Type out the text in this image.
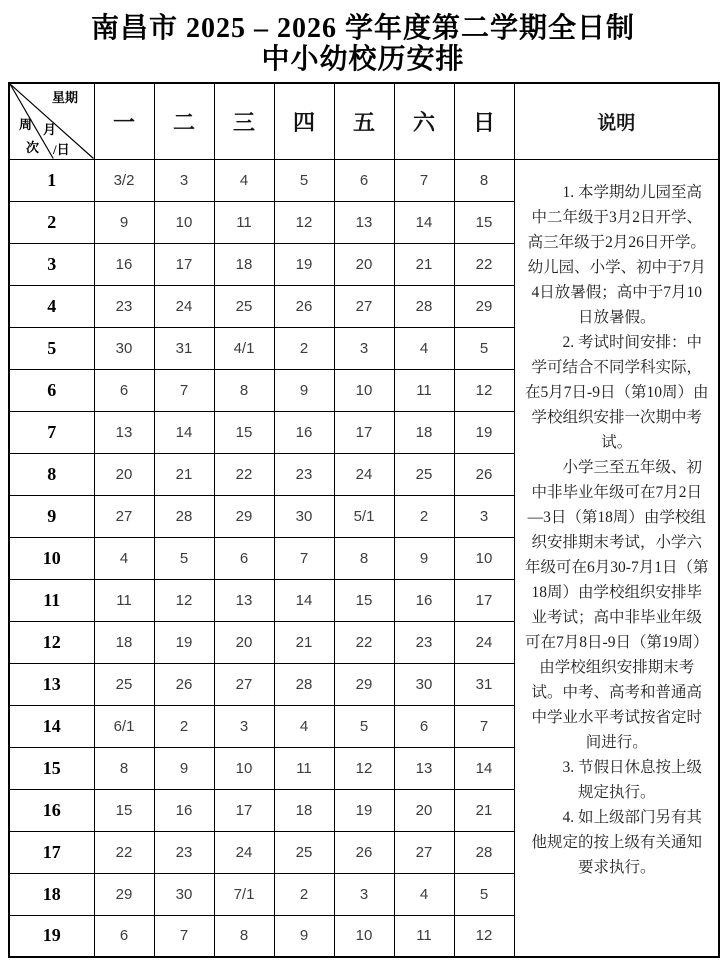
南昌市 2025 – 2026 学年度第二学期全日制
中小幼校历安排
星期
周 月
次 /日	一	二	三	四	五	六	日	说明
1	3/2	3	4	5	6	7	8	1. 本学期幼儿园至高中二年级于3月2日开学、高三年级于2月26日开学。幼儿园、小学、初中于7月4日放暑假；高中于7月10日放暑假。

2. 考试时间安排：中学可结合不同学科实际，在5月7日-9日（第10周）由学校组织安排一次期中考试。

小学三至五年级、初中非毕业年级可在7月2日—3日（第18周）由学校组织安排期末考试，小学六年级可在6月30-7月1日（第18周）由学校组织安排毕业考试；高中非毕业年级可在7月8日-9日（第19周）由学校组织安排期末考试。中考、高考和普通高中学业水平考试按省定时间进行。

3. 节假日休息按上级规定执行。

4. 如上级部门另有其他规定的按上级有关通知要求执行。

2	9	10	11	12	13	14	15	
3	16	17	18	19	20	21	22	
4	23	24	25	26	27	28	29	
5	30	31	4/1	2	3	4	5	
6	6	7	8	9	10	11	12	
7	13	14	15	16	17	18	19	
8	20	21	22	23	24	25	26	
9	27	28	29	30	5/1	2	3	
10	4	5	6	7	8	9	10	
11	11	12	13	14	15	16	17	
12	18	19	20	21	22	23	24	
13	25	26	27	28	29	30	31	
14	6/1	2	3	4	5	6	7	
15	8	9	10	11	12	13	14	
16	15	16	17	18	19	20	21	
17	22	23	24	25	26	27	28	
18	29	30	7/1	2	3	4	5	
19	6	7	8	9	10	11	12	
